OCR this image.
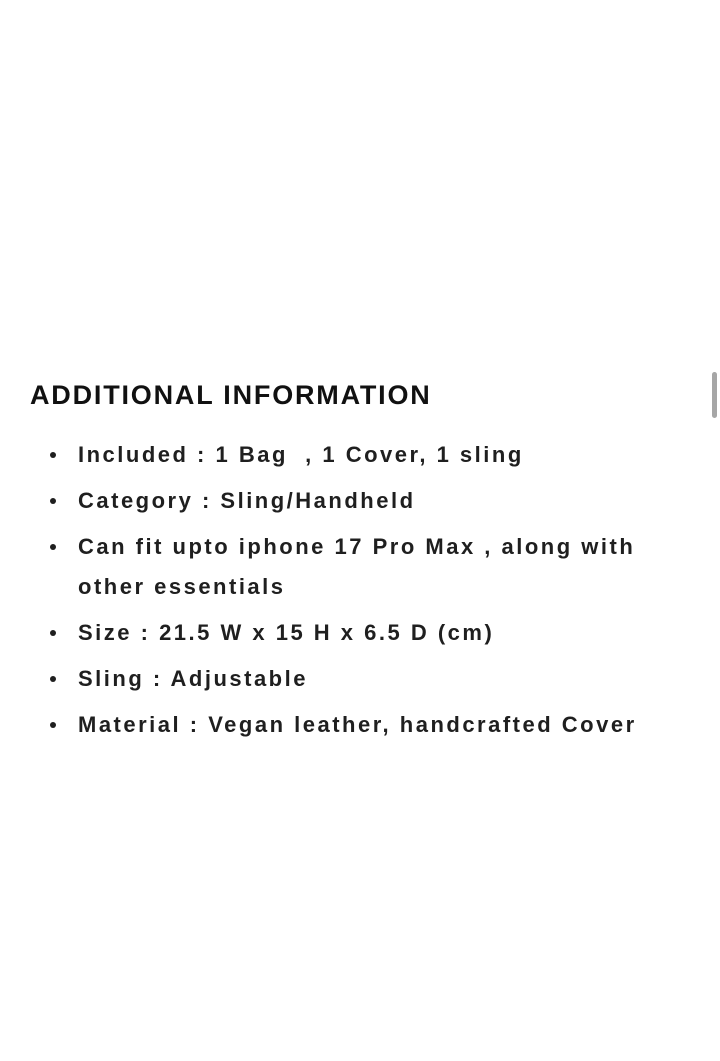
ADDITIONAL INFORMATION
Included : 1 Bag  , 1 Cover, 1 sling
Category : Sling/Handheld
Can fit upto iphone 17 Pro Max , along with other essentials
Size : 21.5 W x 15 H x 6.5 D (cm)
Sling : Adjustable
Material : Vegan leather, handcrafted Cover
